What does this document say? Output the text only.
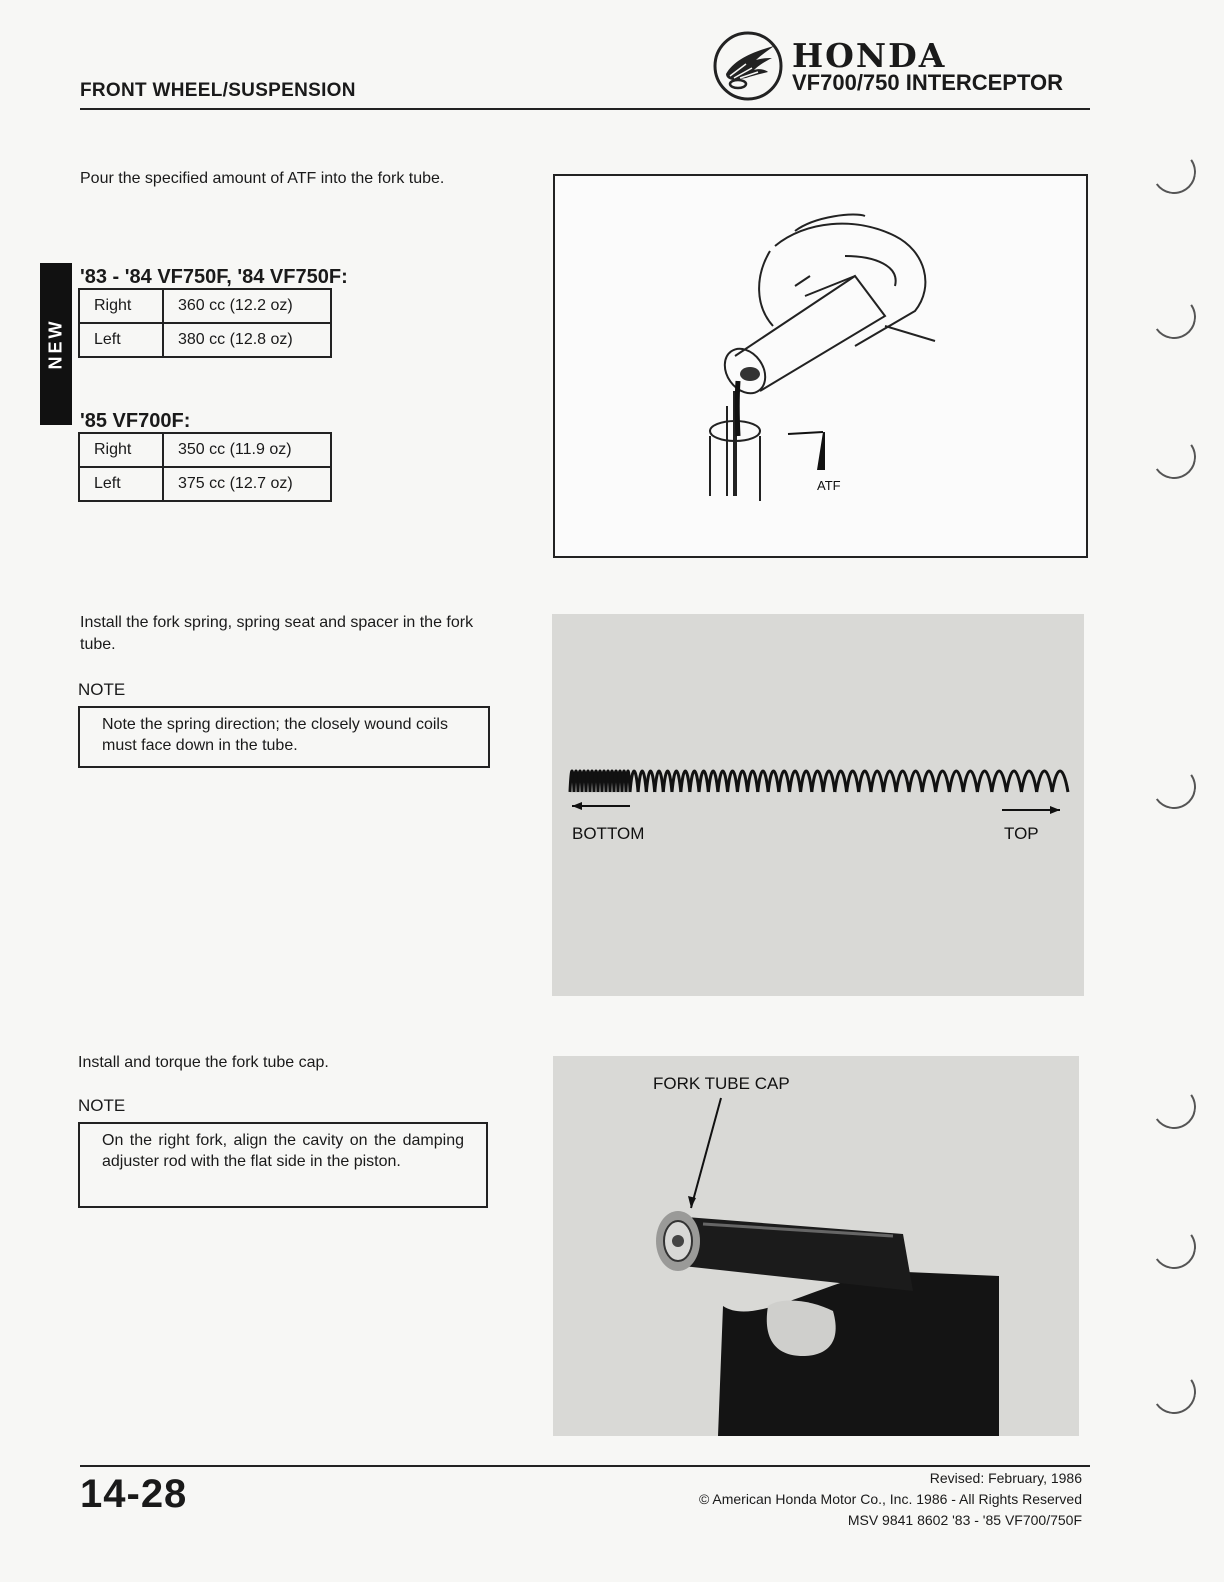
FRONT WHEEL/SUSPENSION
HONDA
VF700/750 INTERCEPTOR
NEW
Pour the specified amount of ATF into the fork tube.
'83 - '84 VF750F, '84 VF750F:
Right	360 cc (12.2 oz)
Left	380 cc (12.8 oz)
'85 VF700F:
Right	350 cc (11.9 oz)
Left	375 cc (12.7 oz)	ATF
Install the fork spring, spring seat and spacer in the fork tube.
NOTE
Note the spring direction; the closely wound coils must face down in the tube.
BOTTOM	TOP
Install and torque the fork tube cap.
NOTE
On the right fork, align the cavity on the damping adjuster rod with the flat side in the piston.
FORK TUBE CAP
14-28	Revised: February, 1986
© American Honda Motor Co., Inc. 1986 - All Rights Reserved
MSV 9841 8602 '83 - '85 VF700/750F
